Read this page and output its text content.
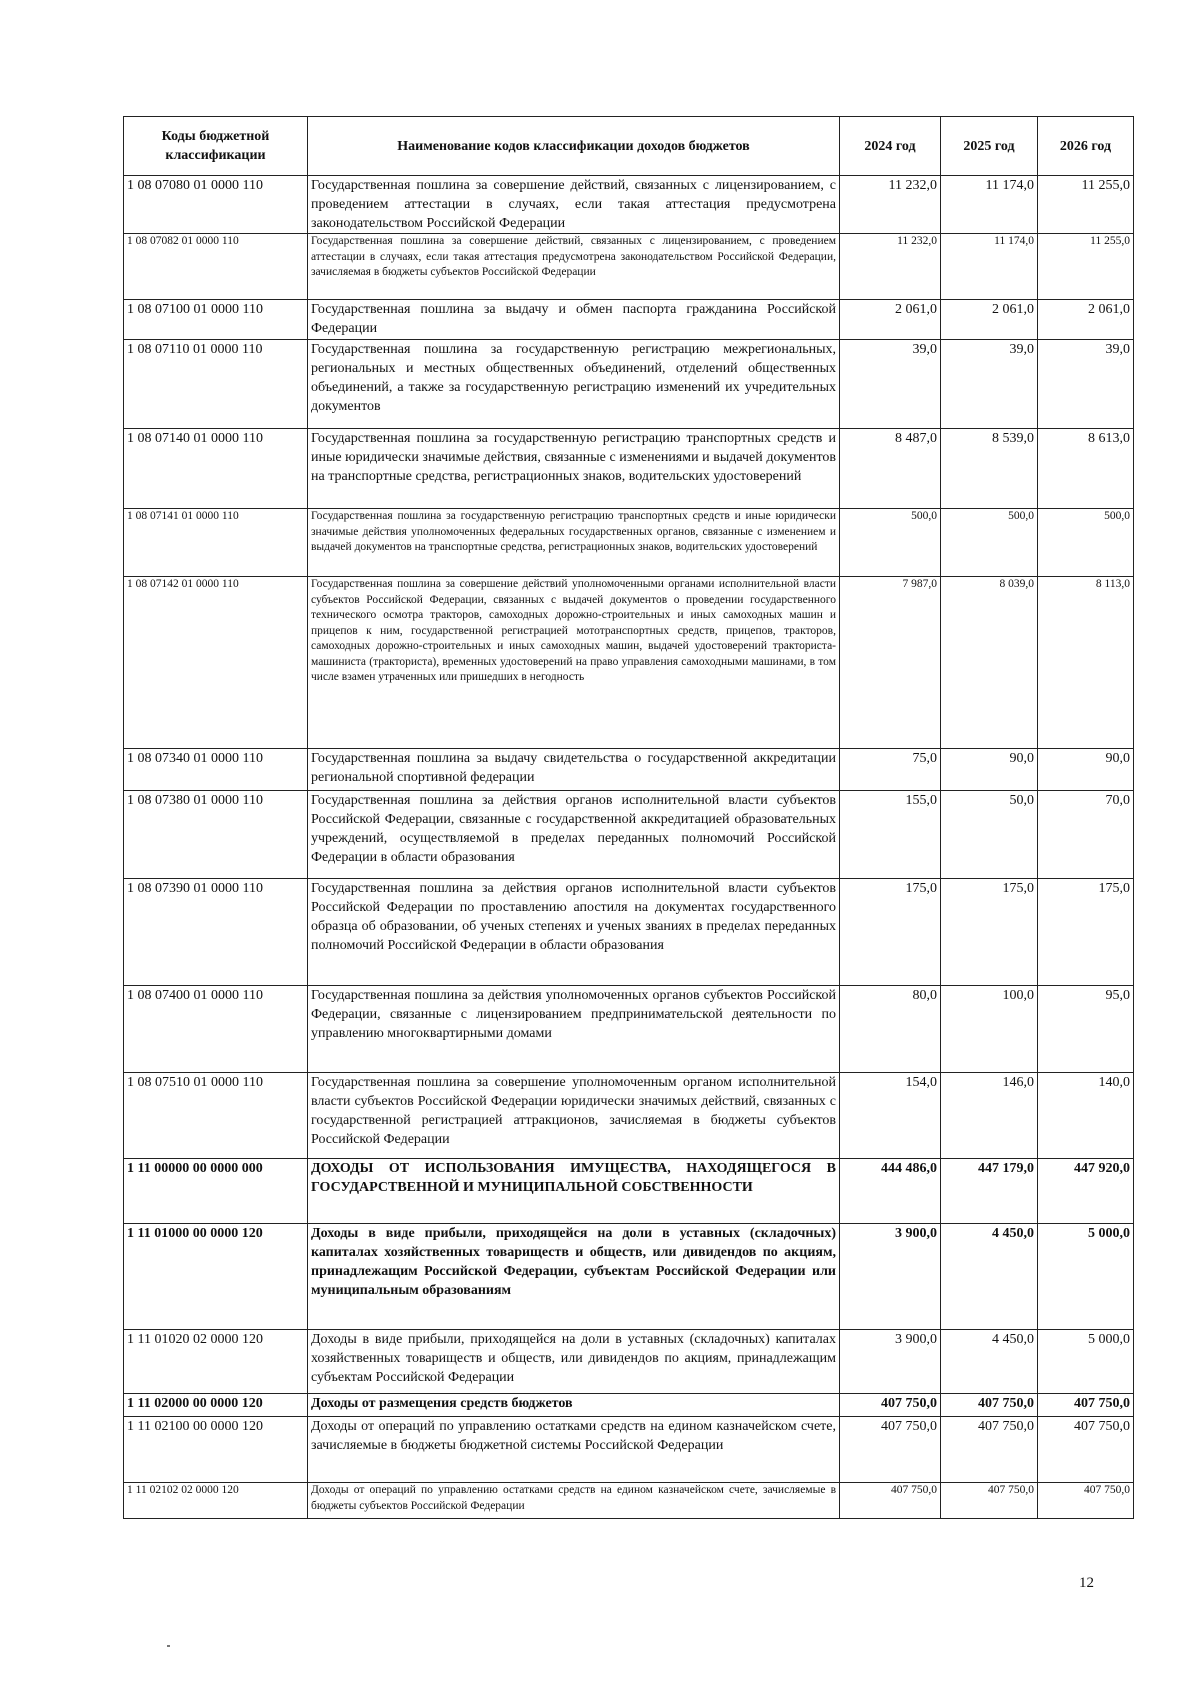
Коды бюджетной классификации	Наименование кодов классификации доходов бюджетов	2024 год	2025 год	2026 год
1 08 07080 01 0000 110	Государственная пошлина за совершение действий, связанных с лицензированием, с проведением аттестации в случаях, если такая аттестация предусмотрена законодательством Российской Федерации	11 232,0	11 174,0	11 255,0
1 08 07082 01 0000 110	Государственная пошлина за совершение действий, связанных с лицензированием, с проведением аттестации в случаях, если такая аттестация предусмотрена законодательством Российской Федерации, зачисляемая в бюджеты субъектов Российской Федерации	11 232,0	11 174,0	11 255,0
1 08 07100 01 0000 110	Государственная пошлина за выдачу и обмен паспорта гражданина Российской Федерации	2 061,0	2 061,0	2 061,0
1 08 07110 01 0000 110	Государственная пошлина за государственную регистрацию межрегиональных, региональных и местных общественных объединений, отделений общественных объединений, а также за государственную регистрацию изменений их учредительных документов	39,0	39,0	39,0
1 08 07140 01 0000 110	Государственная пошлина за государственную регистрацию транспортных средств и иные юридически значимые действия, связанные с изменениями и выдачей документов на транспортные средства, регистрационных знаков, водительских удостоверений	8 487,0	8 539,0	8 613,0
1 08 07141 01 0000 110	Государственная пошлина за государственную регистрацию транспортных средств и иные юридически значимые действия уполномоченных федеральных государственных органов, связанные с изменением и выдачей документов на транспортные средства, регистрационных знаков, водительских удостоверений	500,0	500,0	500,0
1 08 07142 01 0000 110	Государственная пошлина за совершение действий уполномоченными органами исполнительной власти субъектов Российской Федерации, связанных с выдачей документов о проведении государственного технического осмотра тракторов, самоходных дорожно-строительных и иных самоходных машин и прицепов к ним, государственной регистрацией мототранспортных средств, прицепов, тракторов, самоходных дорожно-строительных и иных самоходных машин, выдачей удостоверений тракториста-машиниста (тракториста), временных удостоверений на право управления самоходными машинами, в том числе взамен утраченных или пришедших в негодность	7 987,0	8 039,0	8 113,0
1 08 07340 01 0000 110	Государственная пошлина за выдачу свидетельства о государственной аккредитации региональной спортивной федерации	75,0	90,0	90,0
1 08 07380 01 0000 110	Государственная пошлина за действия органов исполнительной власти субъектов Российской Федерации, связанные с государственной аккредитацией образовательных учреждений, осуществляемой в пределах переданных полномочий Российской Федерации в области образования	155,0	50,0	70,0
1 08 07390 01 0000 110	Государственная пошлина за действия органов исполнительной власти субъектов Российской Федерации по проставлению апостиля на документах государственного образца об образовании, об ученых степенях и ученых званиях в пределах переданных полномочий Российской Федерации в области образования	175,0	175,0	175,0
1 08 07400 01 0000 110	Государственная пошлина за действия уполномоченных органов субъектов Российской Федерации, связанные с лицензированием предпринимательской деятельности по управлению многоквартирными домами	80,0	100,0	95,0
1 08 07510 01 0000 110	Государственная пошлина за совершение уполномоченным органом исполнительной власти субъектов Российской Федерации юридически значимых действий, связанных с государственной регистрацией аттракционов, зачисляемая в бюджеты субъектов Российской Федерации	154,0	146,0	140,0
1 11 00000 00 0000 000	ДОХОДЫ ОТ ИСПОЛЬЗОВАНИЯ ИМУЩЕСТВА, НАХОДЯЩЕГОСЯ В ГОСУДАРСТВЕННОЙ И МУНИЦИПАЛЬНОЙ СОБСТВЕННОСТИ	444 486,0	447 179,0	447 920,0
1 11 01000 00 0000 120	Доходы в виде прибыли, приходящейся на доли в уставных (складочных) капиталах хозяйственных товариществ и обществ, или дивидендов по акциям, принадлежащим Российской Федерации, субъектам Российской Федерации или муниципальным образованиям	3 900,0	4 450,0	5 000,0
1 11 01020 02 0000 120	Доходы в виде прибыли, приходящейся на доли в уставных (складочных) капиталах хозяйственных товариществ и обществ, или дивидендов по акциям, принадлежащим субъектам Российской Федерации	3 900,0	4 450,0	5 000,0
1 11 02000 00 0000 120	Доходы от размещения средств бюджетов	407 750,0	407 750,0	407 750,0
1 11 02100 00 0000 120	Доходы от операций по управлению остатками средств на едином казначейском счете, зачисляемые в бюджеты бюджетной системы Российской Федерации	407 750,0	407 750,0	407 750,0
1 11 02102 02 0000 120	Доходы от операций по управлению остатками средств на едином казначейском счете, зачисляемые в бюджеты субъектов Российской Федерации	407 750,0	407 750,0	407 750,0
12
